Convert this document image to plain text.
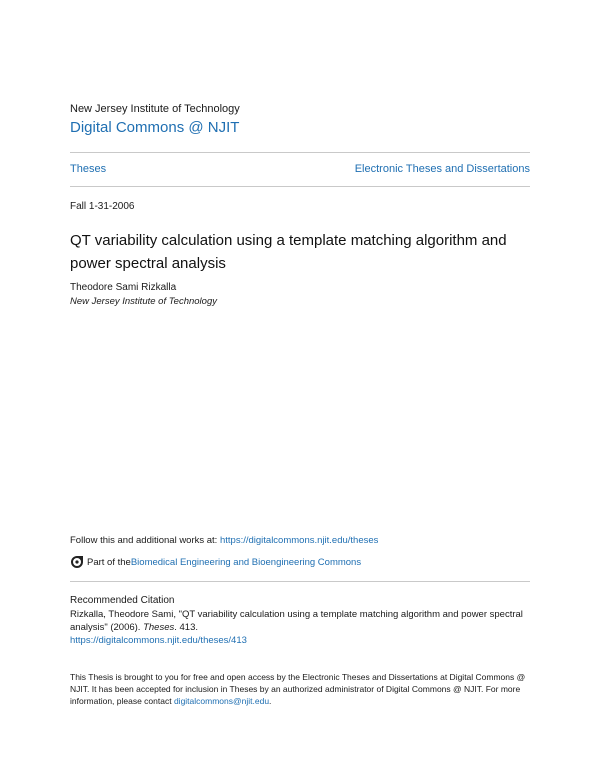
New Jersey Institute of Technology
Digital Commons @ NJIT
Theses	Electronic Theses and Dissertations
Fall 1-31-2006
QT variability calculation using a template matching algorithm and power spectral analysis
Theodore Sami Rizkalla
New Jersey Institute of Technology
Follow this and additional works at: https://digitalcommons.njit.edu/theses
Part of the Biomedical Engineering and Bioengineering Commons
Recommended Citation
Rizkalla, Theodore Sami, "QT variability calculation using a template matching algorithm and power spectral analysis" (2006). Theses. 413.
https://digitalcommons.njit.edu/theses/413
This Thesis is brought to you for free and open access by the Electronic Theses and Dissertations at Digital Commons @ NJIT. It has been accepted for inclusion in Theses by an authorized administrator of Digital Commons @ NJIT. For more information, please contact digitalcommons@njit.edu.
